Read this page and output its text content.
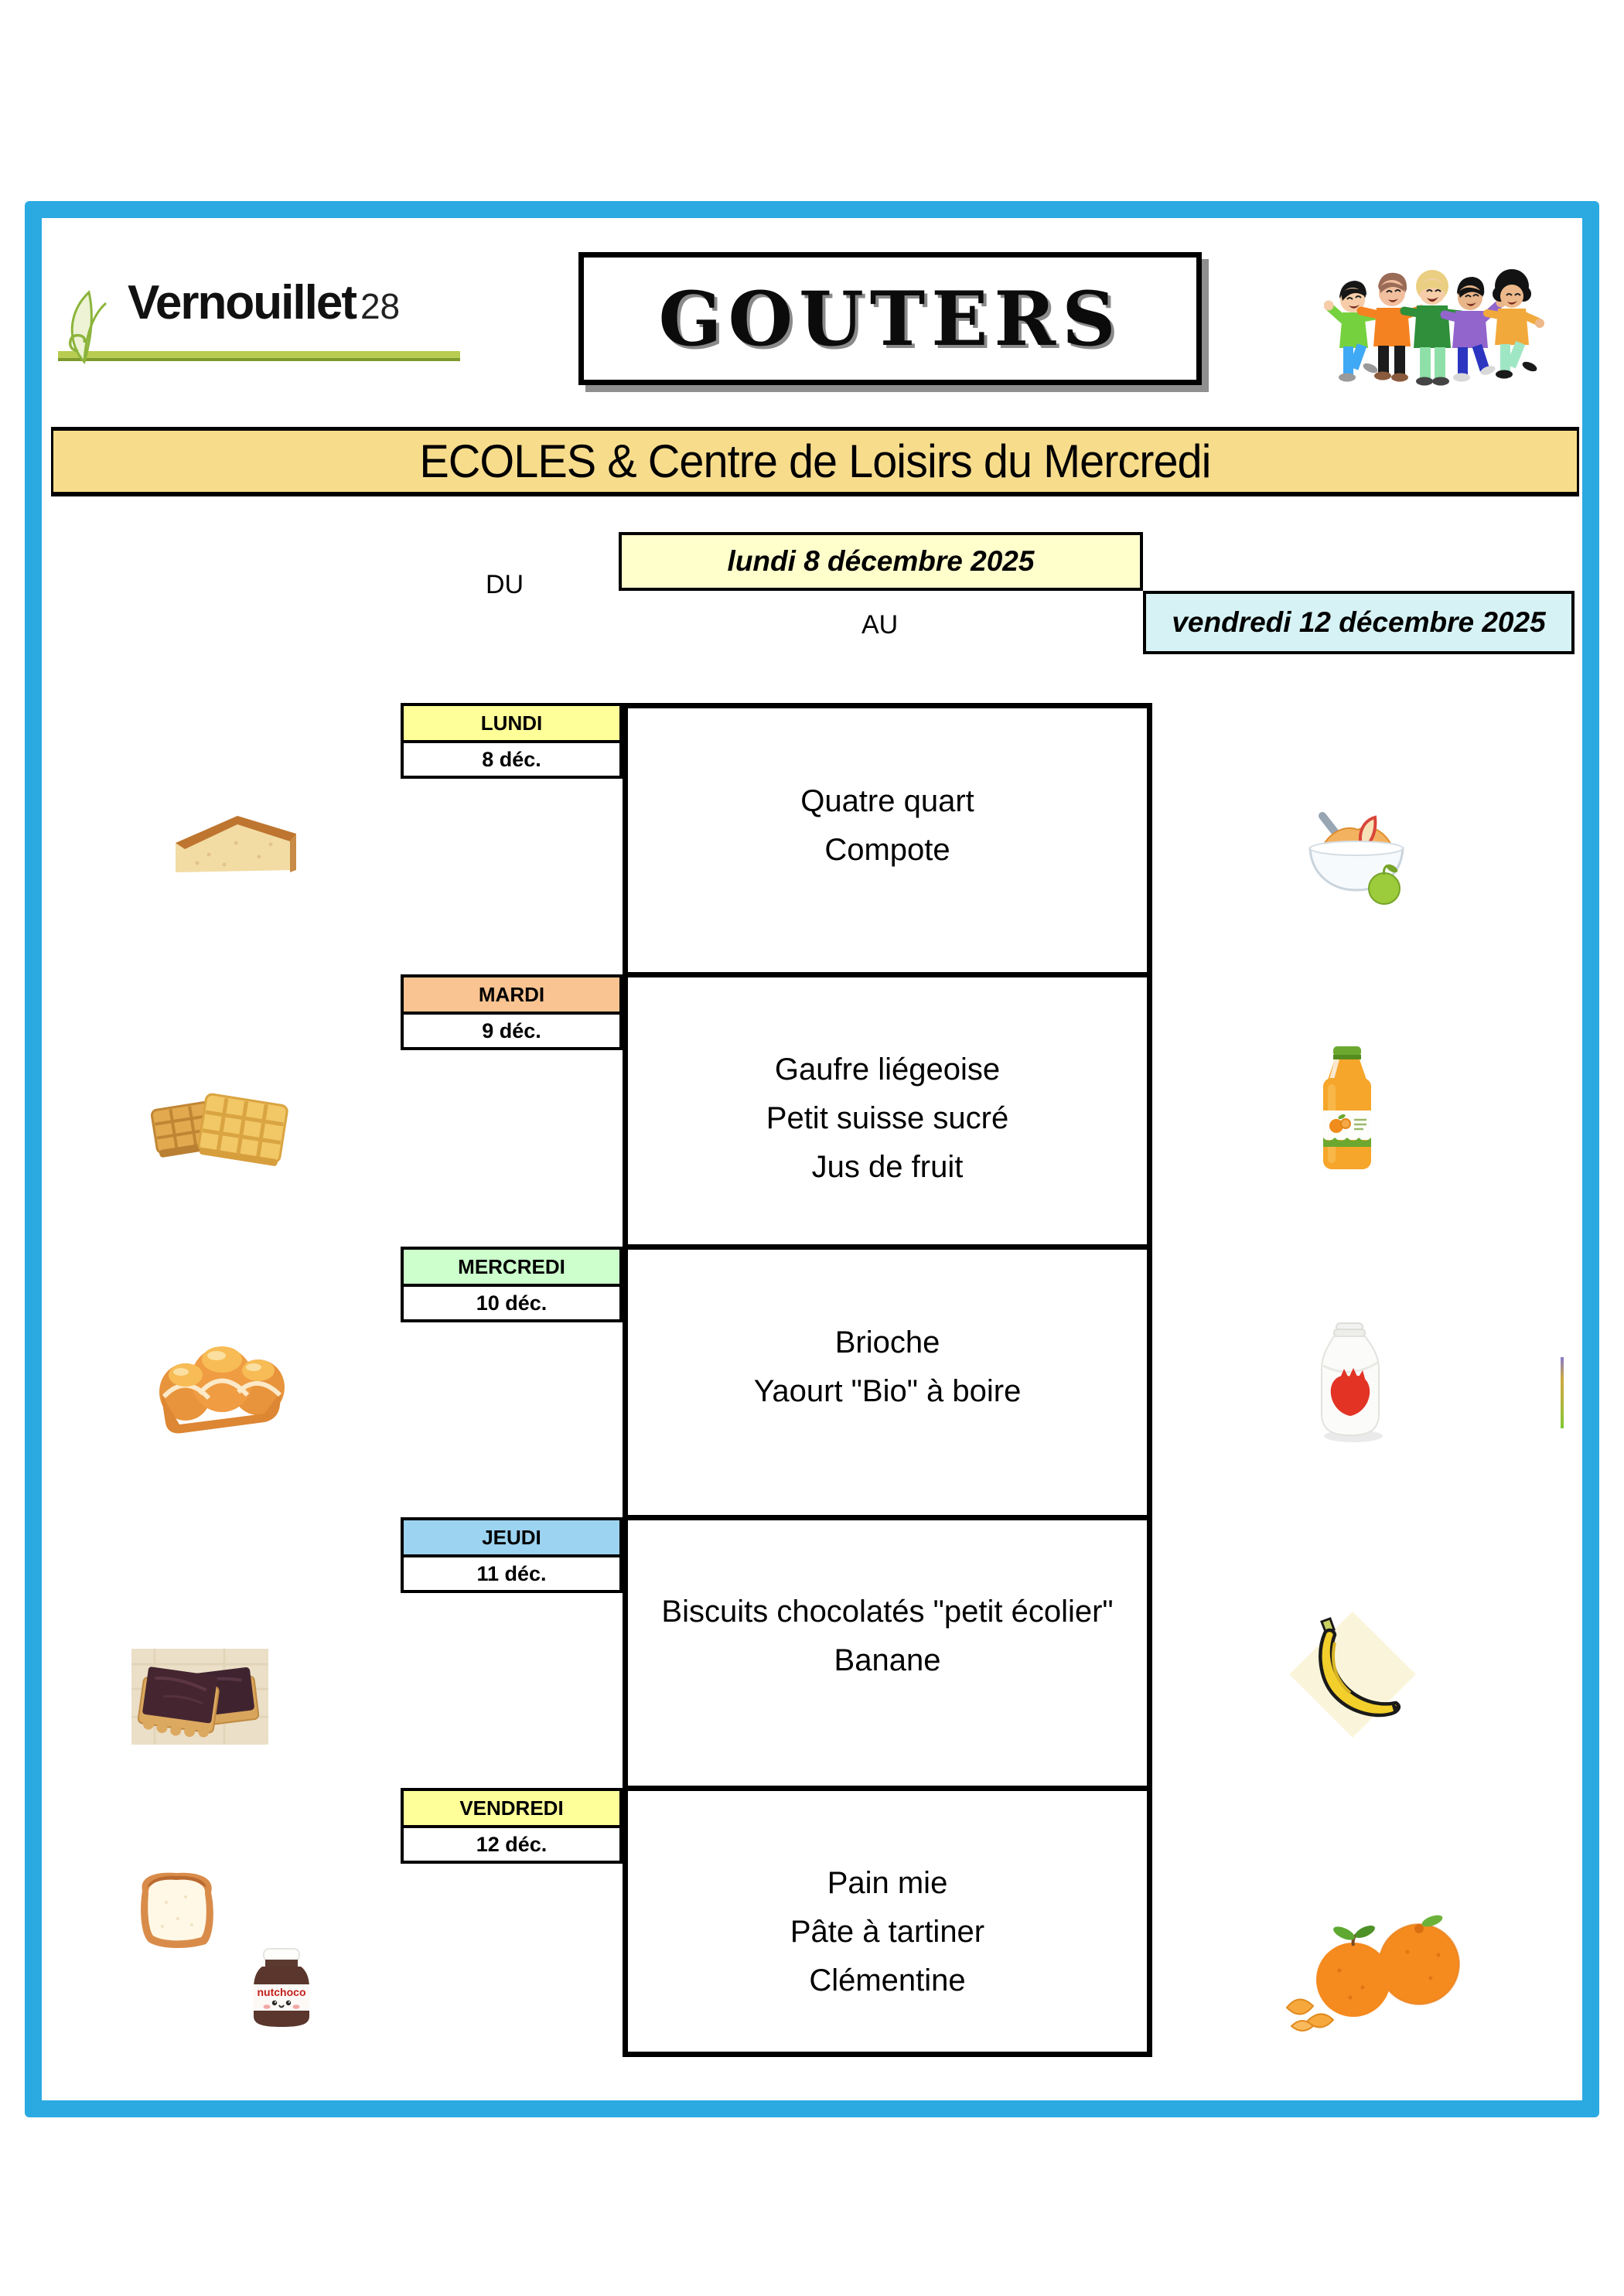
Vernouillet 28	GOUTERS
ECOLES & Centre de Loisirs du Mercredi
DU
lundi 8 décembre 2025
AU	vendredi 12 décembre 2025
LUNDI
8 déc.
MARDI
9 déc.
MERCREDI
10 déc.
JEUDI
11 déc.
VENDREDI
12 déc.
Quatre quart
Compote
Gaufre liégeoise
Petit suisse sucré
Jus de fruit
Brioche
Yaourt "Bio" à boire
Biscuits chocolatés "petit écolier"
Banane
Pain mie
Pâte à tartiner
Clémentine
nutchoco
